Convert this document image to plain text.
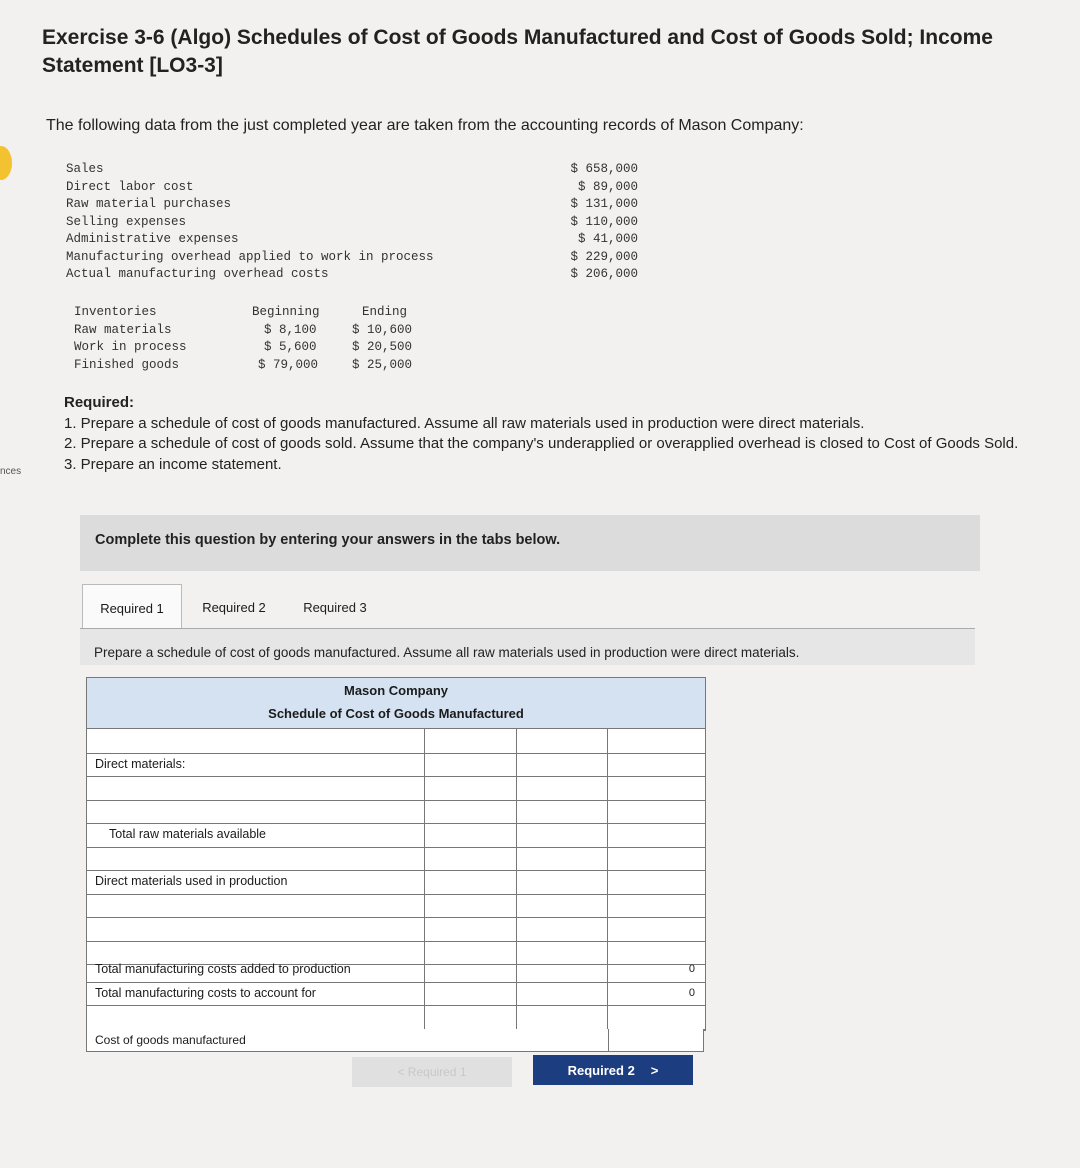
nces
Exercise 3-6 (Algo) Schedules of Cost of Goods Manufactured and Cost of Goods Sold; Income Statement [LO3-3]
The following data from the just completed year are taken from the accounting records of Mason Company:
Sales	$ 658,000
Direct labor cost	$ 89,000
Raw material purchases	$ 131,000
Selling expenses	$ 110,000
Administrative expenses	$ 41,000
Manufacturing overhead applied to work in process	$ 229,000
Actual manufacturing overhead costs	$ 206,000
Inventories	Beginning	Ending
Raw materials	$ 8,100	$ 10,600
Work in process	$ 5,600	$ 20,500
Finished goods	$ 79,000	$ 25,000
Required:
1. Prepare a schedule of cost of goods manufactured. Assume all raw materials used in production were direct materials.
2. Prepare a schedule of cost of goods sold. Assume that the company's underapplied or overapplied overhead is closed to Cost of Goods Sold.
3. Prepare an income statement.
Complete this question by entering your answers in the tabs below.
Required 1	Required 2	Required 3
Prepare a schedule of cost of goods manufactured. Assume all raw materials used in production were direct materials.
Mason Company
Schedule of Cost of Goods Manufactured
Direct materials:
Total raw materials available
Direct materials used in production
Total manufacturing costs added to production	0
Total manufacturing costs to account for	0
Cost of goods manufactured
< Required 1	Required 2 >
